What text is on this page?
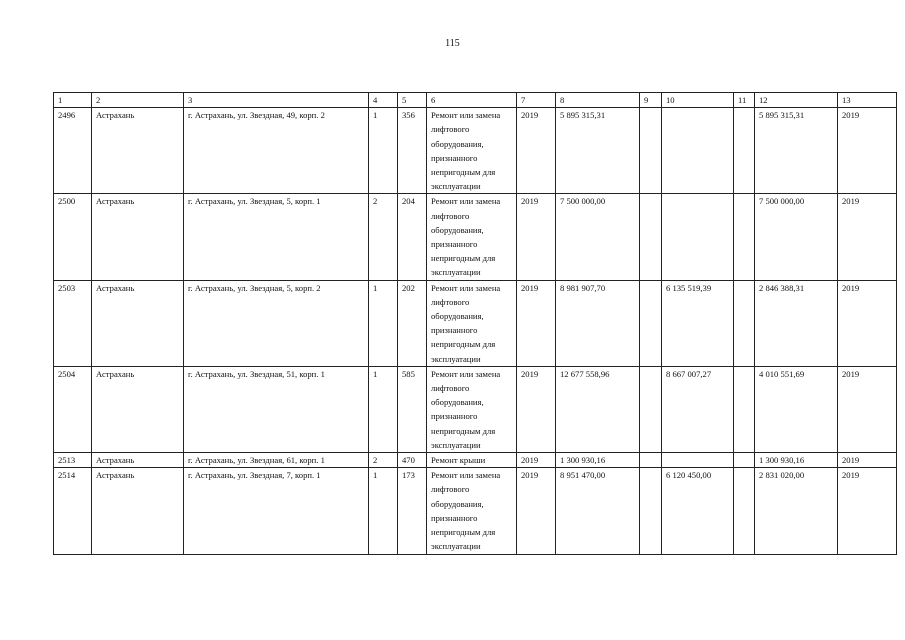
115
1	2	3	4	5	6	7	8	9	10	11	12	13
2496	Астрахань	г. Астрахань, ул. Звездная, 49, корп. 2	1	356	Ремонт или замена лифтового оборудования, признанного непригодным для эксплуатации	2019	5 895 315,31				5 895 315,31	2019
2500	Астрахань	г. Астрахань, ул. Звездная, 5, корп. 1	2	204	Ремонт или замена лифтового оборудования, признанного непригодным для эксплуатации	2019	7 500 000,00				7 500 000,00	2019
2503	Астрахань	г. Астрахань, ул. Звездная, 5, корп. 2	1	202	Ремонт или замена лифтового оборудования, признанного непригодным для эксплуатации	2019	8 981 907,70		6 135 519,39		2 846 388,31	2019
2504	Астрахань	г. Астрахань, ул. Звездная, 51, корп. 1	1	585	Ремонт или замена лифтового оборудования, признанного непригодным для эксплуатации	2019	12 677 558,96		8 667 007,27		4 010 551,69	2019
2513	Астрахань	г. Астрахань, ул. Звездная, 61, корп. 1	2	470	Ремонт крыши	2019	1 300 930,16				1 300 930,16	2019
2514	Астрахань	г. Астрахань, ул. Звездная, 7, корп. 1	1	173	Ремонт или замена лифтового оборудования, признанного непригодным для эксплуатации	2019	8 951 470,00		6 120 450,00		2 831 020,00	2019
